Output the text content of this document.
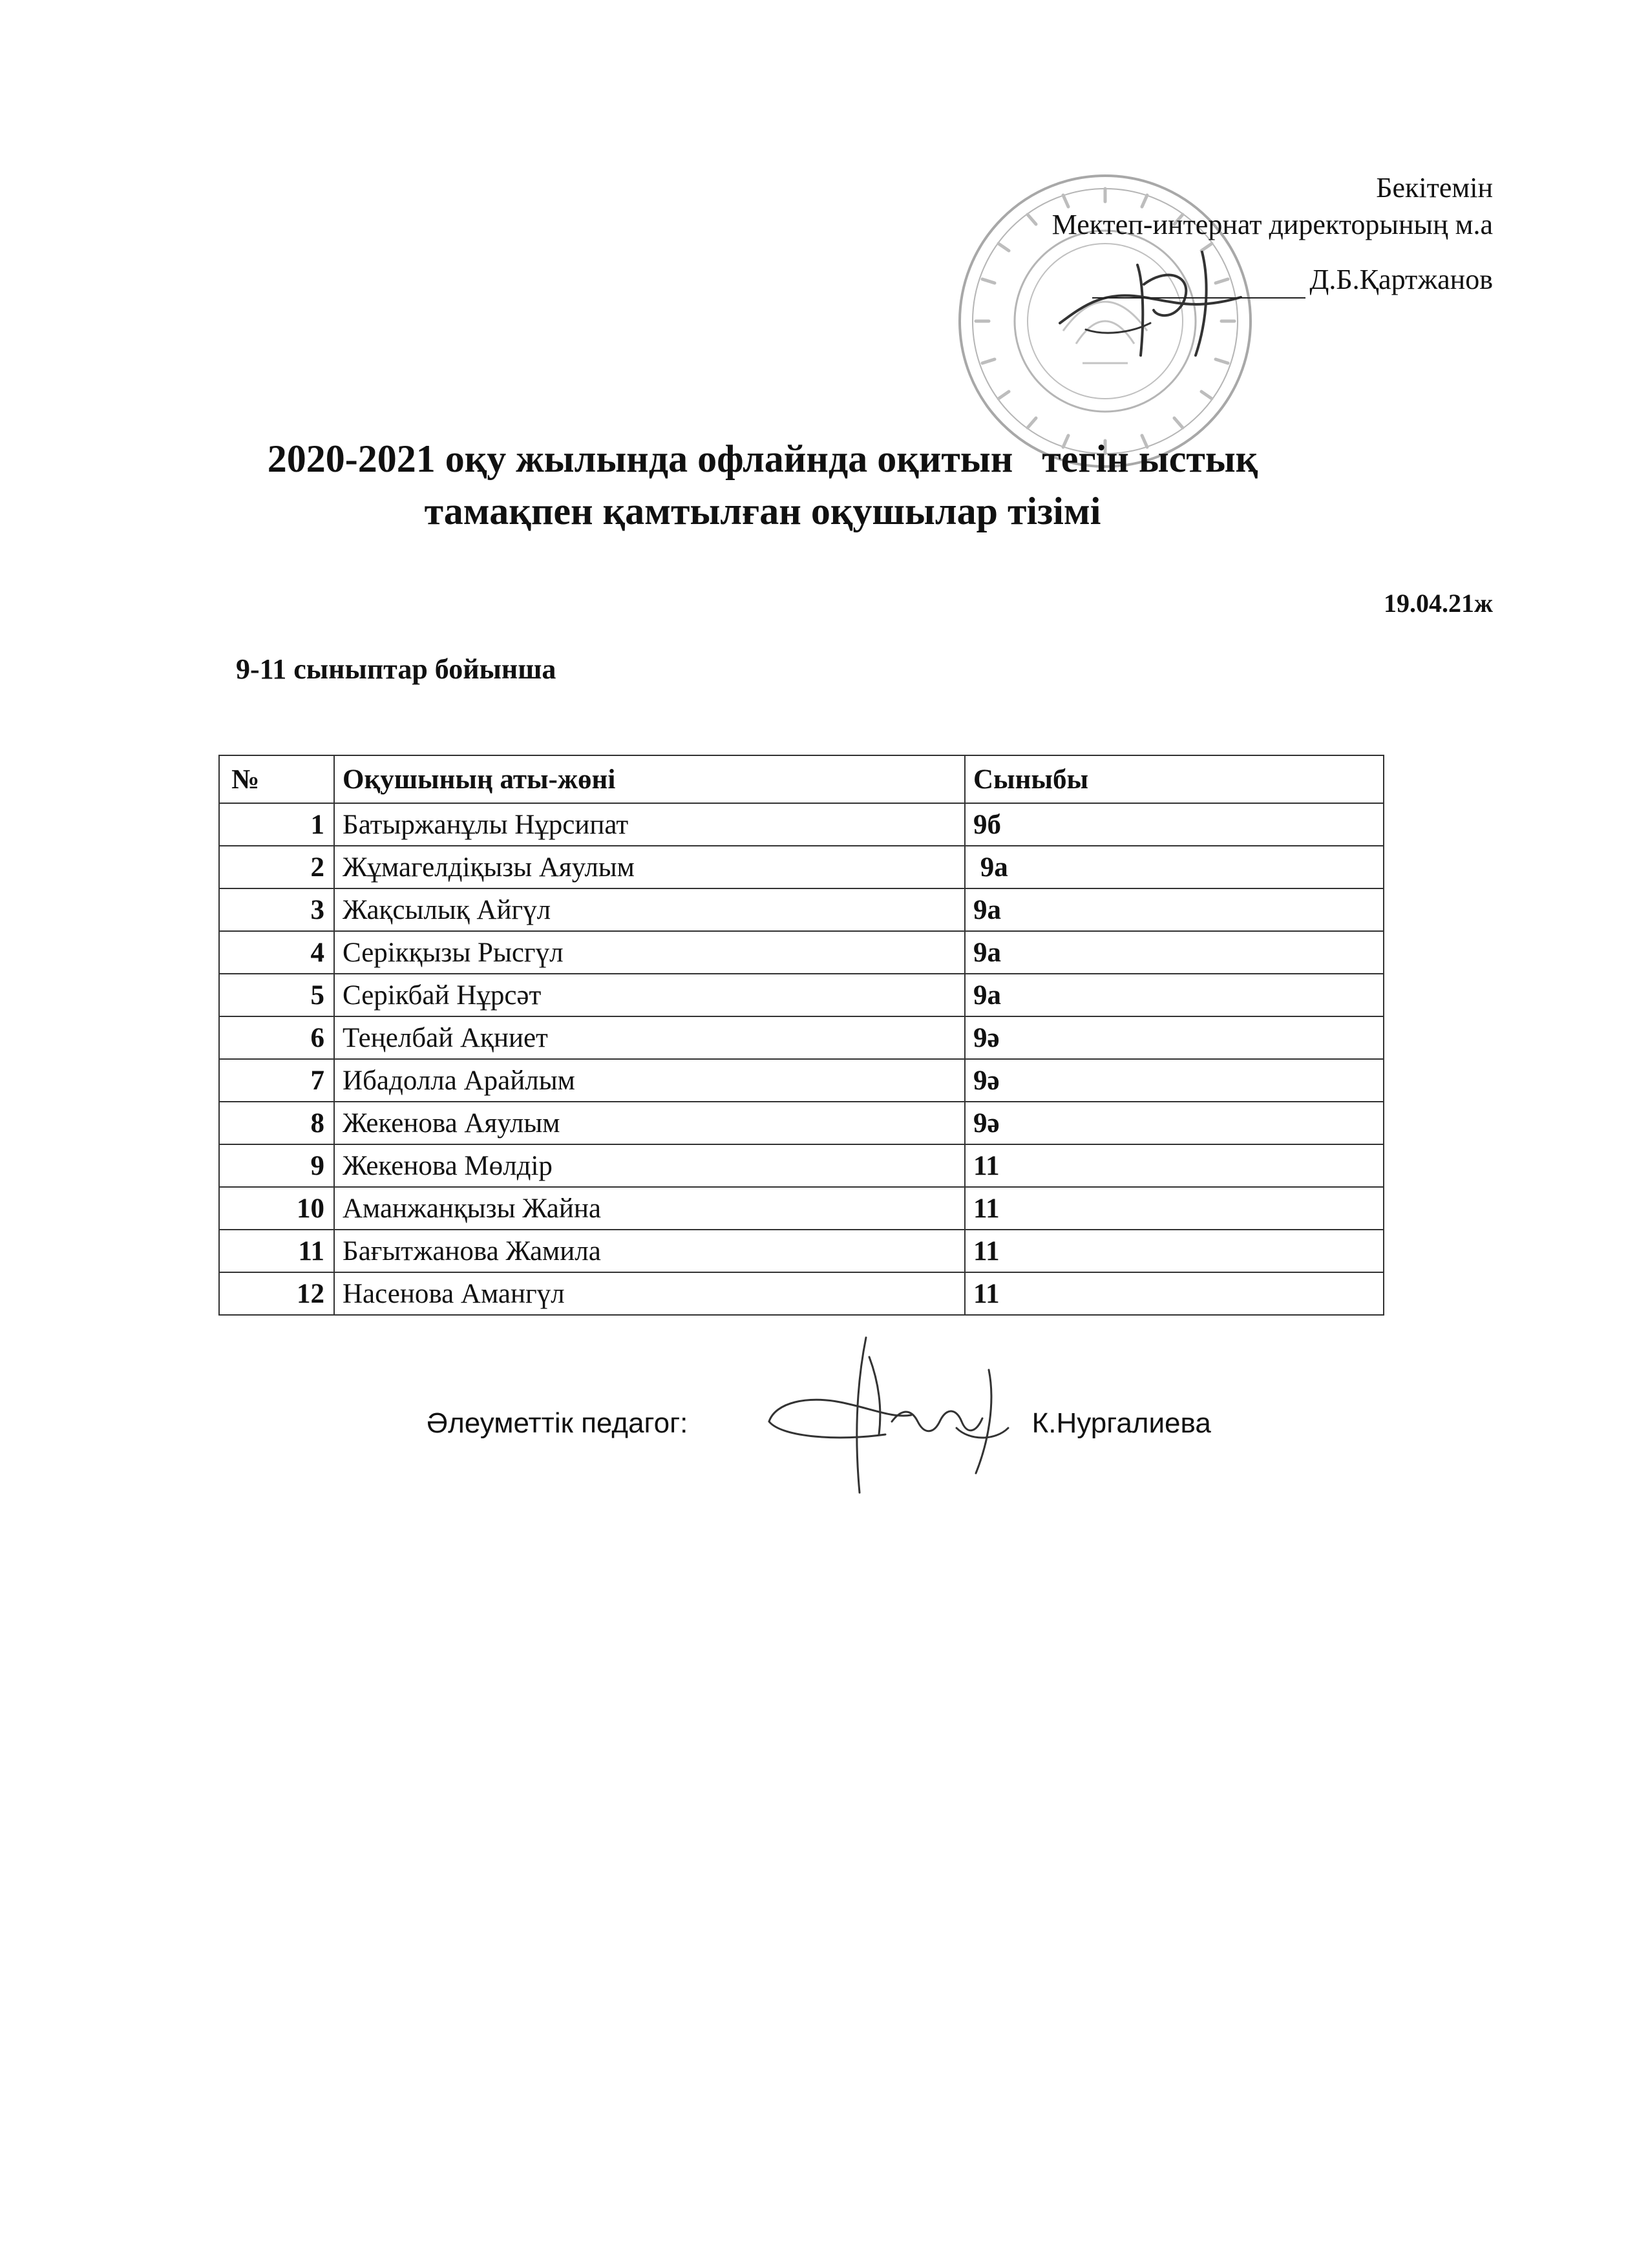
Бекітемін
Мектеп-интернат директорының м.а
Д.Б.Қартжанов
2020-2021 оқу жылында офлайнда оқитын   тегін ыстық
тамақпен қамтылған оқушылар тізімі
19.04.21ж
9-11 сыныптар бойынша
№	Оқушының аты-жөні	Сыныбы
1	Батыржанұлы Нұрсипат	9б
2	Жұмагелдіқызы Аяулым	9а
3	Жақсылық Айгүл	9а
4	Серікқызы Рысгүл	9а
5	Серікбай Нұрсәт	9а
6	Теңелбай Ақниет	9ә
7	Ибадолла Арайлым	9ә
8	Жекенова Аяулым	9ә
9	Жекенова Мөлдір	11
10	Аманжанқызы Жайна	11
11	Бағытжанова Жамила	11
12	Насенова Амангүл	11
Әлеуметтік педагог:	К.Нургалиева
